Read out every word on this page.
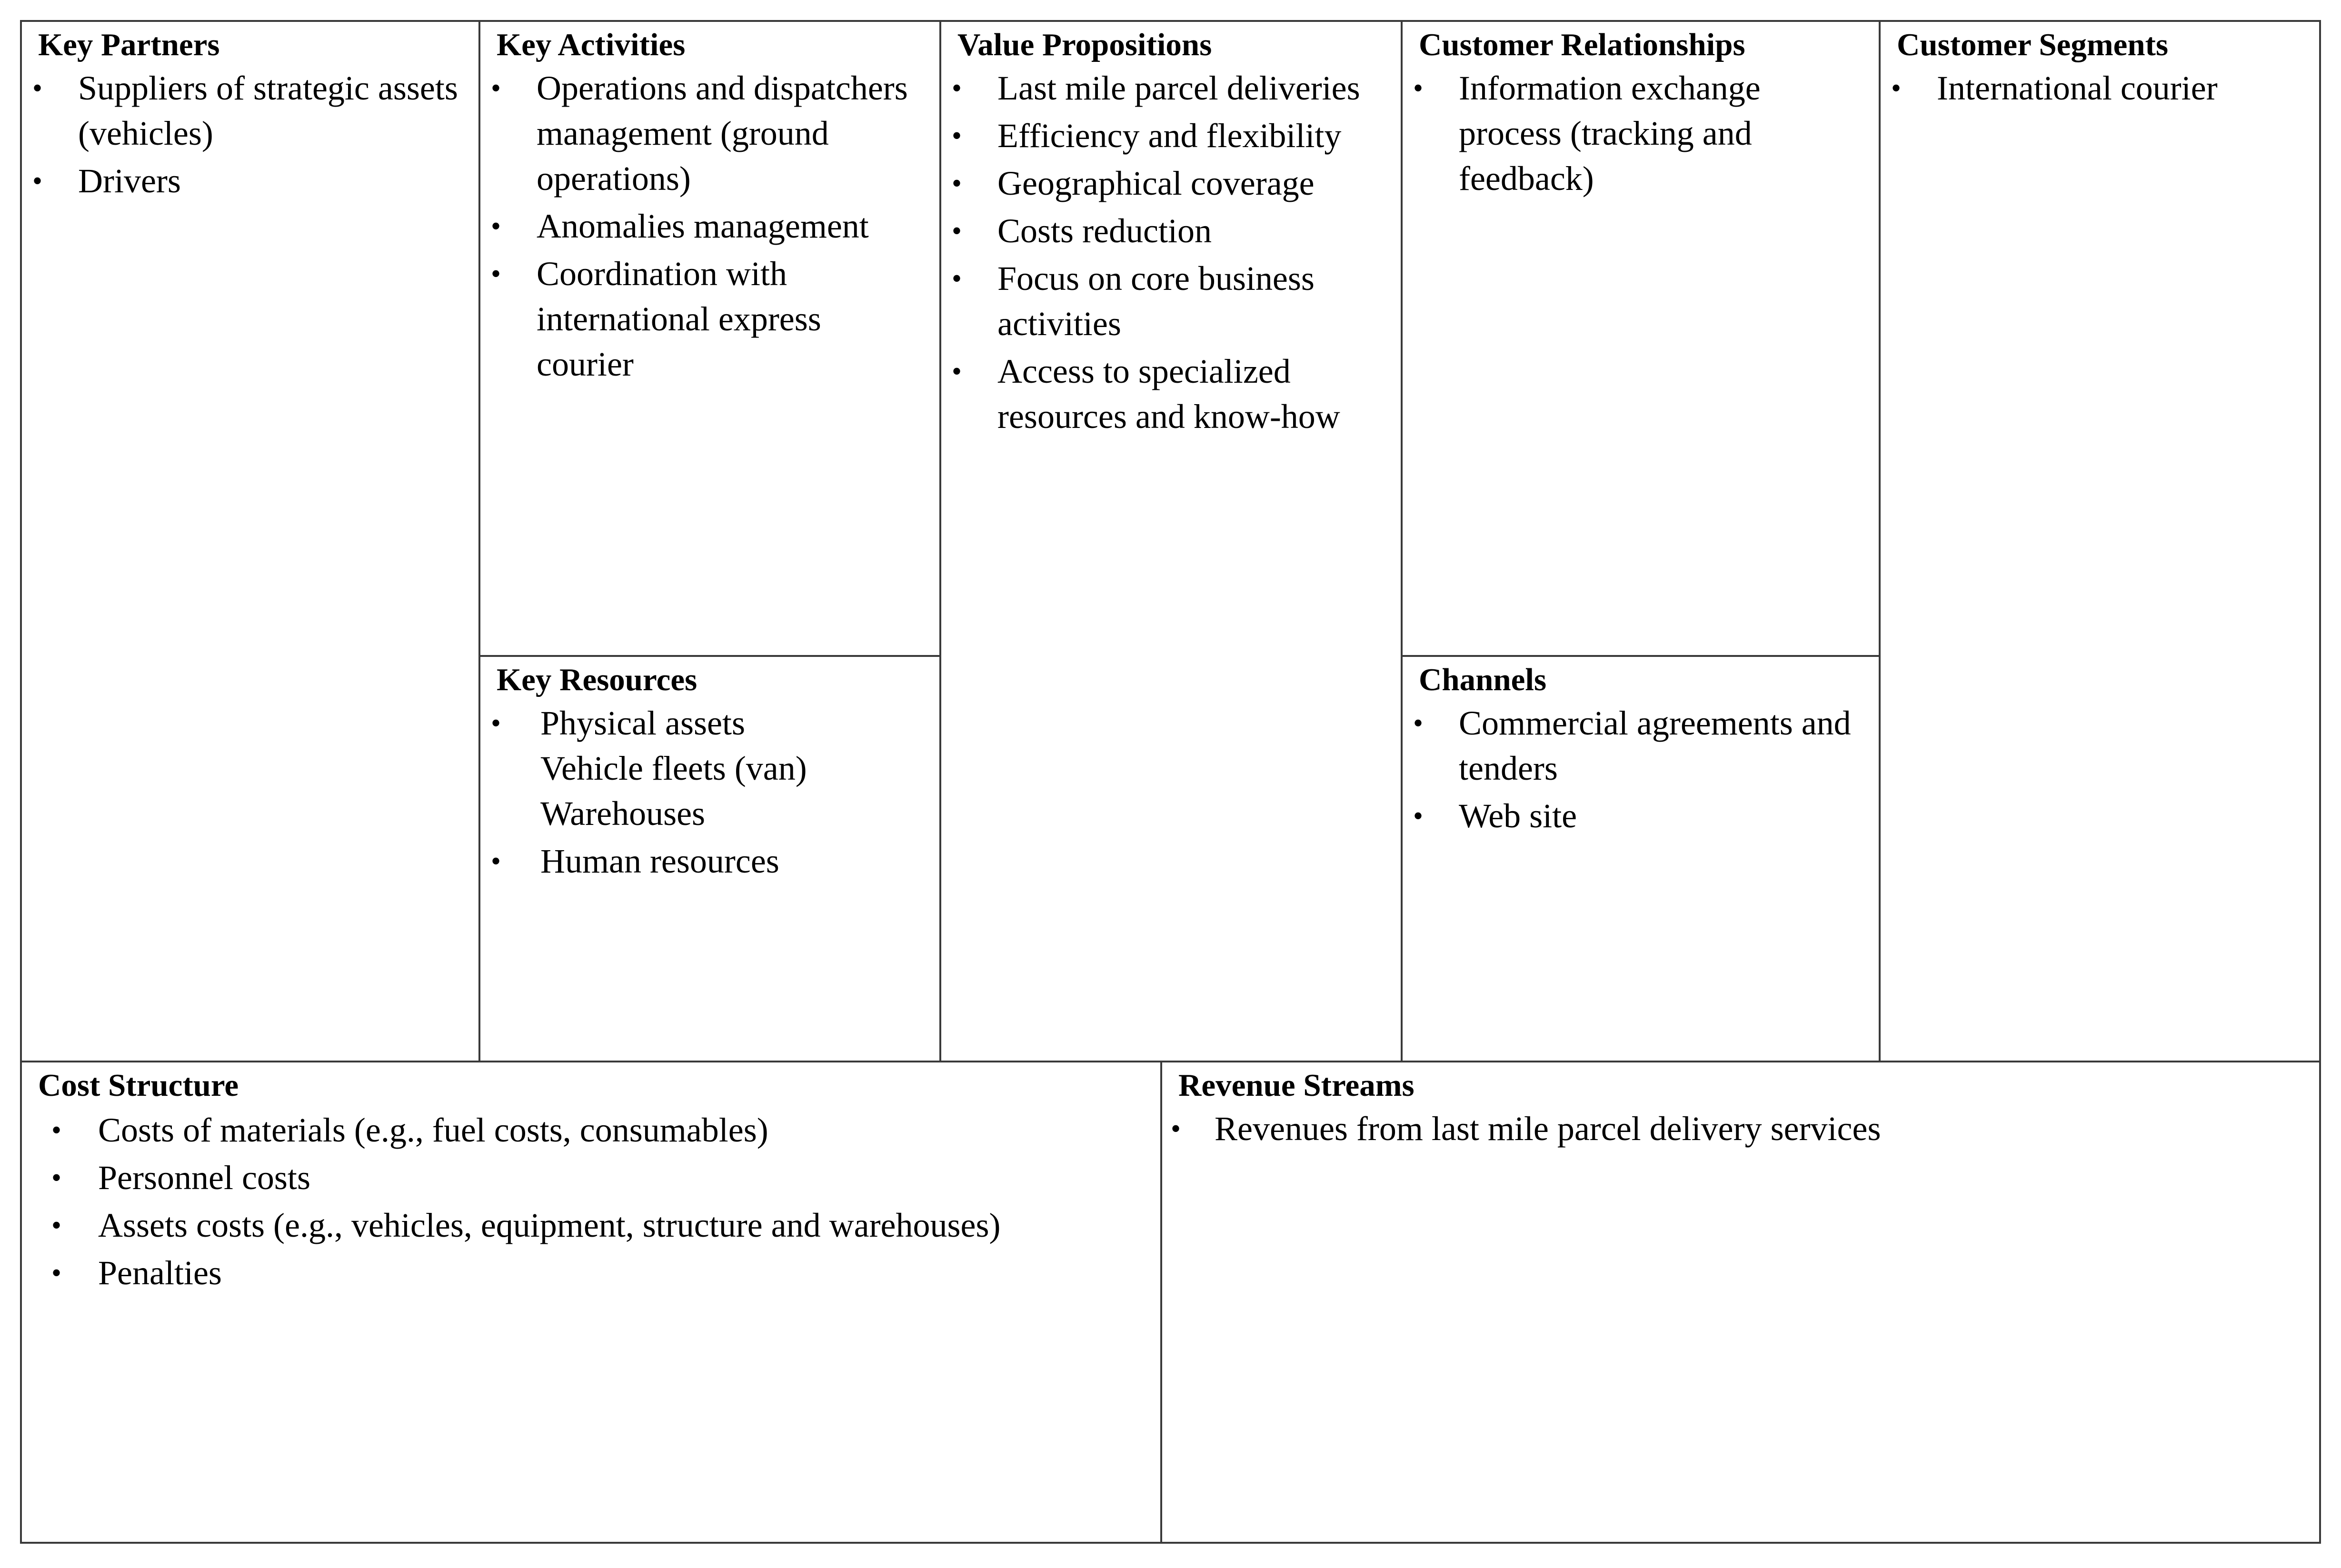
Key Partners
•	Suppliers of strategic assets (vehicles)
•	Drivers
Key Activities
•	Operations and dispatchers management (ground operations)
•	Anomalies management
•	Coordination with international express courier
Key Resources
•	Physical assets
Vehicle fleets (van)
Warehouses
•	Human resources
Value Propositions
•	Last mile parcel deliveries
•	Efficiency and flexibility
•	Geographical coverage
•	Costs reduction
•	Focus on core business activities
•	Access to specialized resources and know-how
Customer Relationships
•	Information exchange process (tracking and feedback)
Channels
•	Commercial agreements and tenders
•	Web site
Customer Segments
•	International courier
Cost Structure
•	Costs of materials (e.g., fuel costs, consumables)
•	Personnel costs
•	Assets costs (e.g., vehicles, equipment, structure and warehouses)
•	Penalties
Revenue Streams
• Revenues from last mile parcel delivery services
